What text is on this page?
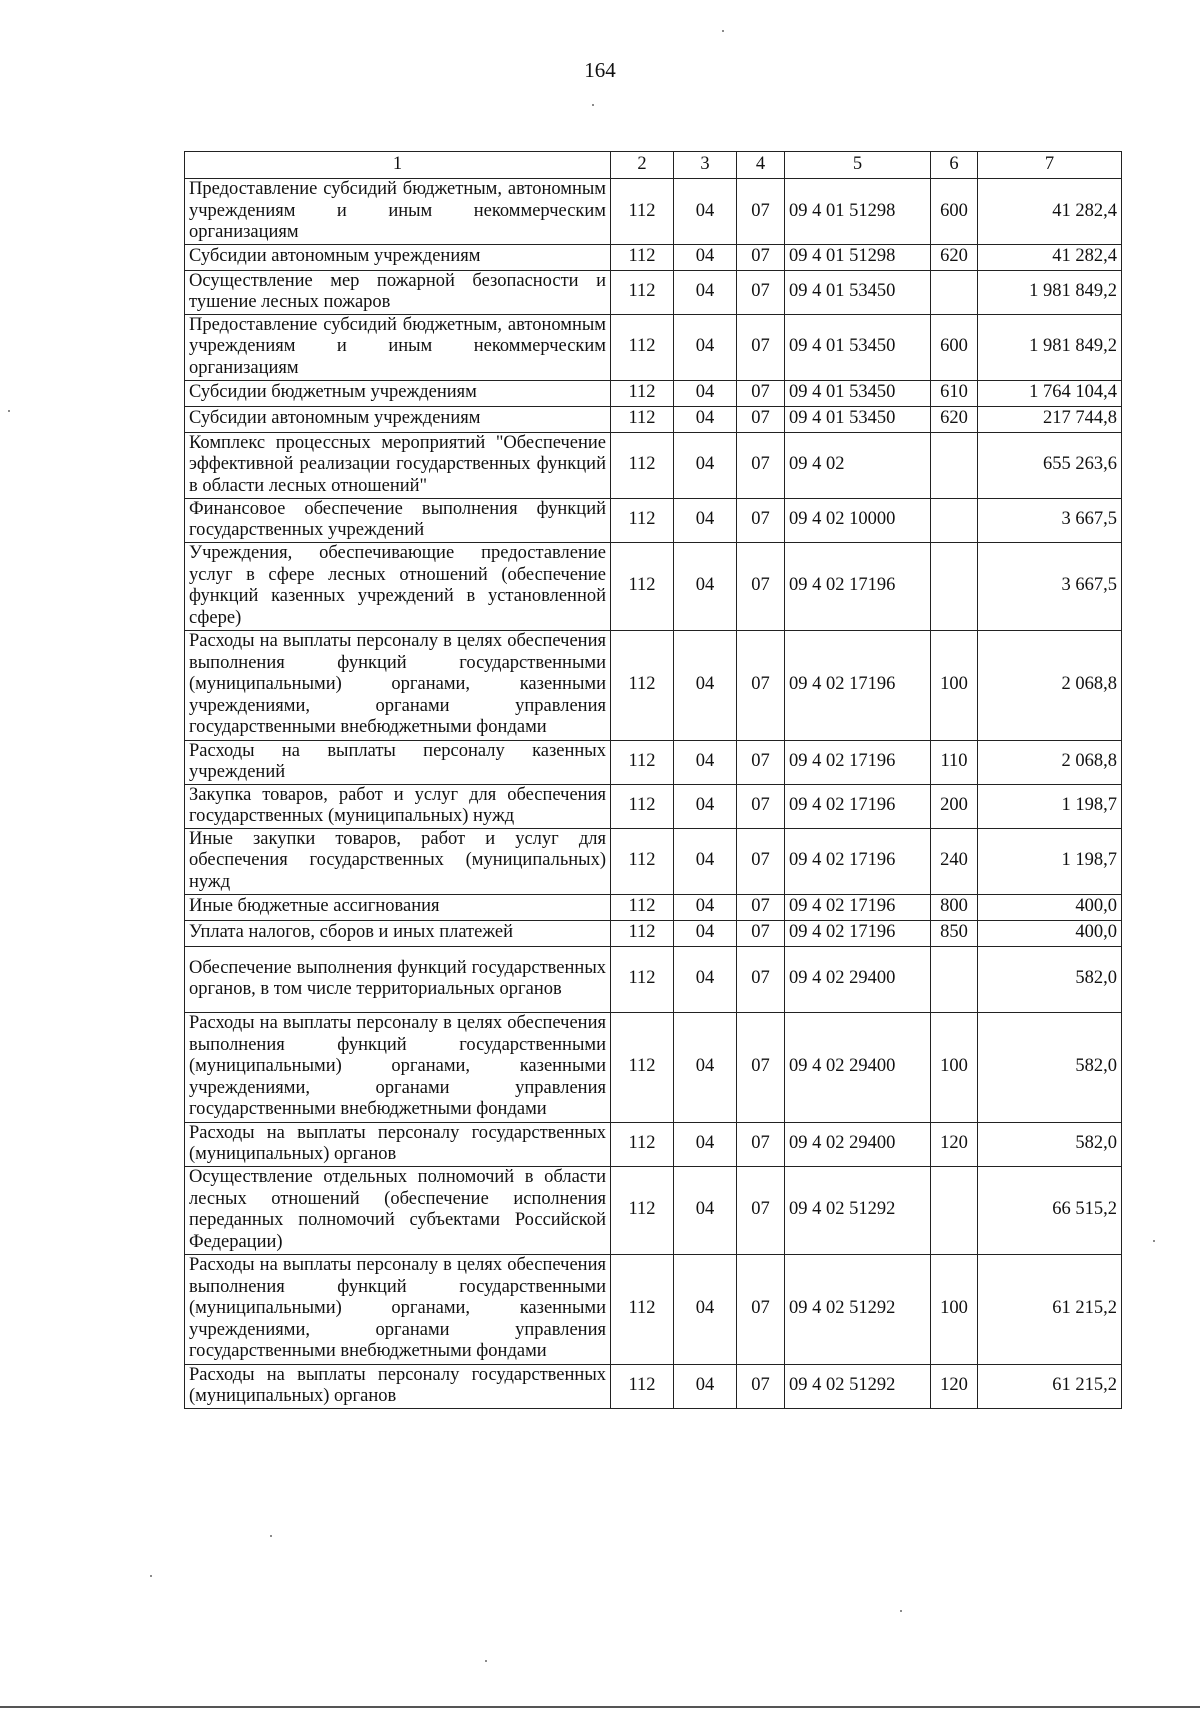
164
1	2	3	4	5	6	7
Предоставление субсидий бюджетным, автономным учреждениям и иным некоммерческим организациям	112	04	07	09 4 01 51298	600	41 282,4
Субсидии автономным учреждениям	112	04	07	09 4 01 51298	620	41 282,4
Осуществление мер пожарной безопасности и тушение лесных пожаров	112	04	07	09 4 01 53450		1 981 849,2
Предоставление субсидий бюджетным, автономным учреждениям и иным некоммерческим организациям	112	04	07	09 4 01 53450	600	1 981 849,2
Субсидии бюджетным учреждениям	112	04	07	09 4 01 53450	610	1 764 104,4
Субсидии автономным учреждениям	112	04	07	09 4 01 53450	620	217 744,8
Комплекс процессных мероприятий "Обеспечение эффективной реализации государственных функций в области лесных отношений"	112	04	07	09 4 02		655 263,6
Финансовое обеспечение выполнения функций государственных учреждений	112	04	07	09 4 02 10000		3 667,5
Учреждения, обеспечивающие предоставление услуг в сфере лесных отношений (обеспечение функций казенных учреждений в установленной сфере)	112	04	07	09 4 02 17196		3 667,5
Расходы на выплаты персоналу в целях обеспечения выполнения функций государственными (муниципальными) органами, казенными учреждениями, органами управления государственными внебюджетными фондами	112	04	07	09 4 02 17196	100	2 068,8
Расходы на выплаты персоналу казенных учреждений	112	04	07	09 4 02 17196	110	2 068,8
Закупка товаров, работ и услуг для обеспечения государственных (муниципальных) нужд	112	04	07	09 4 02 17196	200	1 198,7
Иные закупки товаров, работ и услуг для обеспечения государственных (муниципальных) нужд	112	04	07	09 4 02 17196	240	1 198,7
Иные бюджетные ассигнования	112	04	07	09 4 02 17196	800	400,0
Уплата налогов, сборов и иных платежей	112	04	07	09 4 02 17196	850	400,0
Обеспечение выполнения функций государственных органов, в том числе территориальных органов	112	04	07	09 4 02 29400		582,0
Расходы на выплаты персоналу в целях обеспечения выполнения функций государственными (муниципальными) органами, казенными учреждениями, органами управления государственными внебюджетными фондами	112	04	07	09 4 02 29400	100	582,0
Расходы на выплаты персоналу государственных (муниципальных) органов	112	04	07	09 4 02 29400	120	582,0
Осуществление отдельных полномочий в области лесных отношений (обеспечение исполнения переданных полномочий субъектами Российской Федерации)	112	04	07	09 4 02 51292		66 515,2
Расходы на выплаты персоналу в целях обеспечения выполнения функций государственными (муниципальными) органами, казенными учреждениями, органами управления государственными внебюджетными фондами	112	04	07	09 4 02 51292	100	61 215,2
Расходы на выплаты персоналу государственных (муниципальных) органов	112	04	07	09 4 02 51292	120	61 215,2
